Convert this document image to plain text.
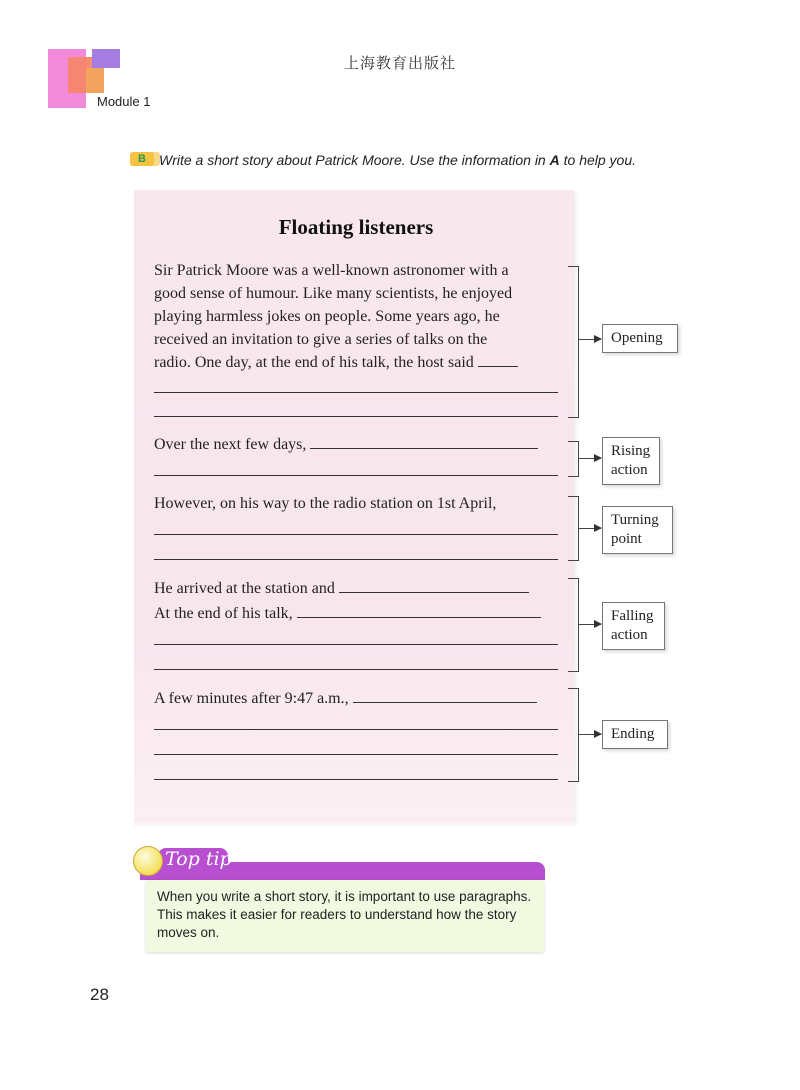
Module 1
上海教育出版社
B Write a short story about Patrick Moore. Use the information in A to help you.
Floating listeners
Sir Patrick Moore was a well-known astronomer with a
good sense of humour. Like many scientists, he enjoyed
playing harmless jokes on people. Some years ago, he
received an invitation to give a series of talks on the
radio. One day, at the end of his talk, the host said
Over the next few days,
However, on his way to the radio station on 1st April,
He arrived at the station and
At the end of his talk,
A few minutes after 9:47 a.m.,
Opening
Rising
action
Turning
point
Falling
action
Ending
Top tip
When you write a short story, it is important to use paragraphs. This makes it easier for readers to understand how the story moves on.
28
